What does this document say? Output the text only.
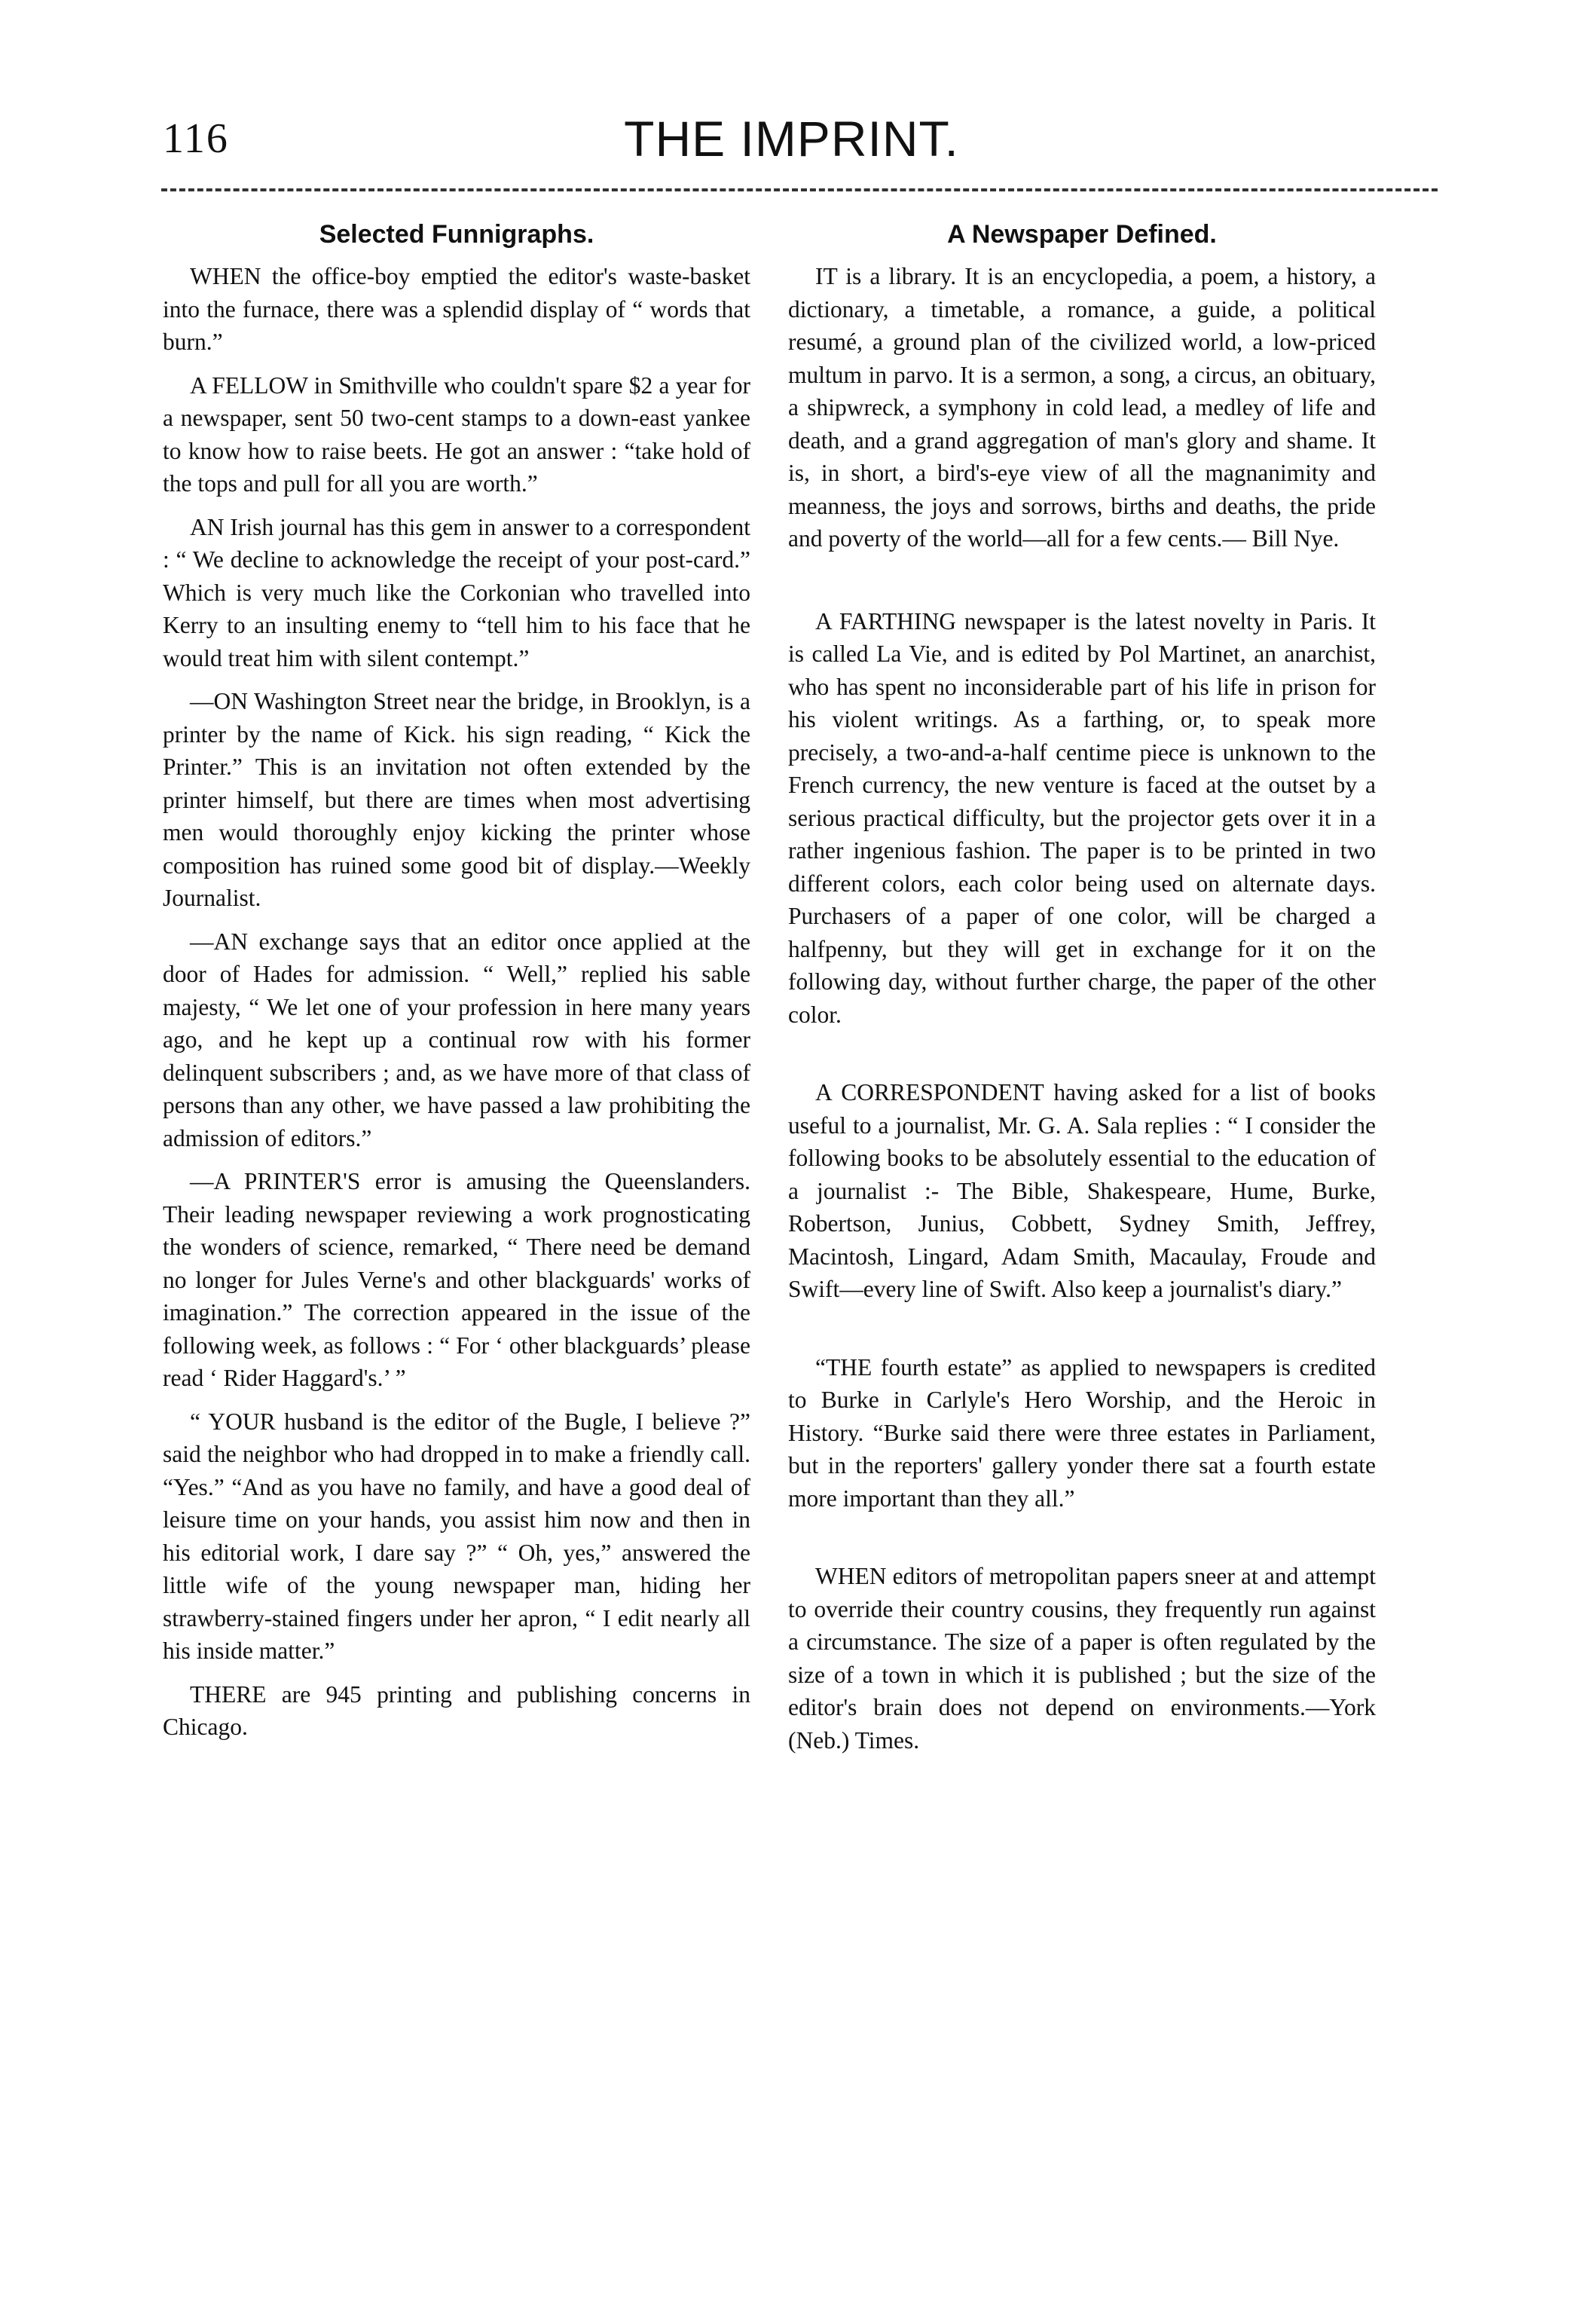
116	THE IMPRINT.
Selected Funnigraphs.

WHEN the office-boy emptied the editor's waste-basket into the furnace, there was a splendid display of “ words that burn.”

A FELLOW in Smithville who couldn't spare $2 a year for a newspaper, sent 50 two-cent stamps to a down-east yankee to know how to raise beets. He got an answer : “take hold of the tops and pull for all you are worth.”

AN Irish journal has this gem in answer to a correspondent : “ We decline to acknowledge the receipt of your post-card.” Which is very much like the Corkonian who travelled into Kerry to an insulting enemy to “tell him to his face that he would treat him with silent contempt.”

—ON Washington Street near the bridge, in Brooklyn, is a printer by the name of Kick. his sign reading, “ Kick the Printer.” This is an invitation not often extended by the printer himself, but there are times when most advertising men would thoroughly enjoy kicking the printer whose composition has ruined some good bit of display.—Weekly Journalist.

—AN exchange says that an editor once applied at the door of Hades for admission. “ Well,” replied his sable majesty, “ We let one of your profession in here many years ago, and he kept up a continual row with his former delinquent subscribers ; and, as we have more of that class of persons than any other, we have passed a law prohibiting the admission of editors.”

—A PRINTER'S error is amusing the Queenslanders. Their leading newspaper reviewing a work prognosticating the wonders of science, remarked, “ There need be demand no longer for Jules Verne's and other blackguards' works of imagination.” The correction appeared in the issue of the following week, as follows : “ For ‘ other blackguards’ please read ‘ Rider Haggard's.’ ”

“ YOUR husband is the editor of the Bugle, I believe ?” said the neighbor who had dropped in to make a friendly call. “Yes.” “And as you have no family, and have a good deal of leisure time on your hands, you assist him now and then in his editorial work, I dare say ?” “ Oh, yes,” answered the little wife of the young newspaper man, hiding her strawberry-stained fingers under her apron, “ I edit nearly all his inside matter.”

THERE are 945 printing and publishing concerns in Chicago.

A Newspaper Defined.

IT is a library. It is an encyclopedia, a poem, a history, a dictionary, a timetable, a romance, a guide, a political resumé, a ground plan of the civilized world, a low-priced multum in parvo. It is a sermon, a song, a circus, an obituary, a shipwreck, a symphony in cold lead, a medley of life and death, and a grand aggregation of man's glory and shame. It is, in short, a bird's-eye view of all the magnanimity and meanness, the joys and sorrows, births and deaths, the pride and poverty of the world—all for a few cents.— Bill Nye.

A FARTHING newspaper is the latest novelty in Paris. It is called La Vie, and is edited by Pol Martinet, an anarchist, who has spent no inconsiderable part of his life in prison for his violent writings. As a farthing, or, to speak more precisely, a two-and-a-half centime piece is unknown to the French currency, the new venture is faced at the outset by a serious practical difficulty, but the projector gets over it in a rather ingenious fashion. The paper is to be printed in two different colors, each color being used on alternate days. Purchasers of a paper of one color, will be charged a halfpenny, but they will get in exchange for it on the following day, without further charge, the paper of the other color.

A CORRESPONDENT having asked for a list of books useful to a journalist, Mr. G. A. Sala replies : “ I consider the following books to be absolutely essential to the education of a journalist :- The Bible, Shakespeare, Hume, Burke, Robertson, Junius, Cobbett, Sydney Smith, Jeffrey, Macintosh, Lingard, Adam Smith, Macaulay, Froude and Swift—every line of Swift. Also keep a journalist's diary.”

“THE fourth estate” as applied to newspapers is credited to Burke in Carlyle's Hero Worship, and the Heroic in History. “Burke said there were three estates in Parliament, but in the reporters' gallery yonder there sat a fourth estate more important than they all.”

WHEN editors of metropolitan papers sneer at and attempt to override their country cousins, they frequently run against a circumstance. The size of a paper is often regulated by the size of a town in which it is published ; but the size of the editor's brain does not depend on environments.—York (Neb.) Times.
